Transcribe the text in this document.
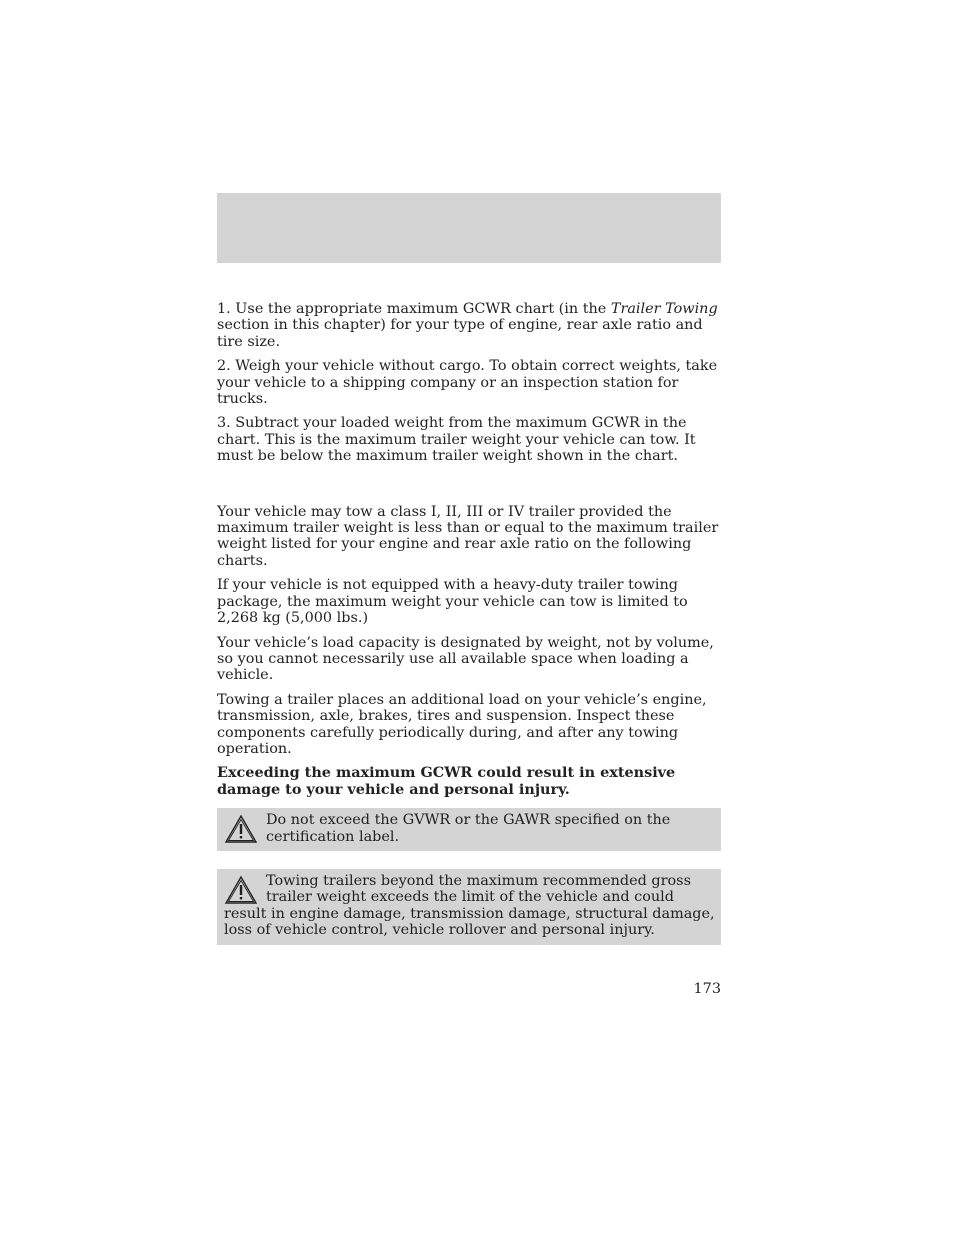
1. Use the appropriate maximum GCWR chart (in the Trailer Towing section in this chapter) for your type of engine, rear axle ratio and tire size.

2. Weigh your vehicle without cargo. To obtain correct weights, take your vehicle to a shipping company or an inspection station for trucks.

3. Subtract your loaded weight from the maximum GCWR in the chart. This is the maximum trailer weight your vehicle can tow. It must be below the maximum trailer weight shown in the chart.

Your vehicle may tow a class I, II, III or IV trailer provided the maximum trailer weight is less than or equal to the maximum trailer weight listed for your engine and rear axle ratio on the following charts.

If your vehicle is not equipped with a heavy-duty trailer towing package, the maximum weight your vehicle can tow is limited to 2,268 kg (5,000 lbs.)

Your vehicle’s load capacity is designated by weight, not by volume, so you cannot necessarily use all available space when loading a vehicle.

Towing a trailer places an additional load on your vehicle’s engine, transmission, axle, brakes, tires and suspension. Inspect these components carefully periodically during, and after any towing operation.

Exceeding the maximum GCWR could result in extensive damage to your vehicle and personal injury.

Do not exceed the GVWR or the GAWR specified on the certification label.
Towing trailers beyond the maximum recommended gross trailer weight exceeds the limit of the vehicle and could result in engine damage, transmission damage, structural damage, loss of vehicle control, vehicle rollover and personal injury.
173
